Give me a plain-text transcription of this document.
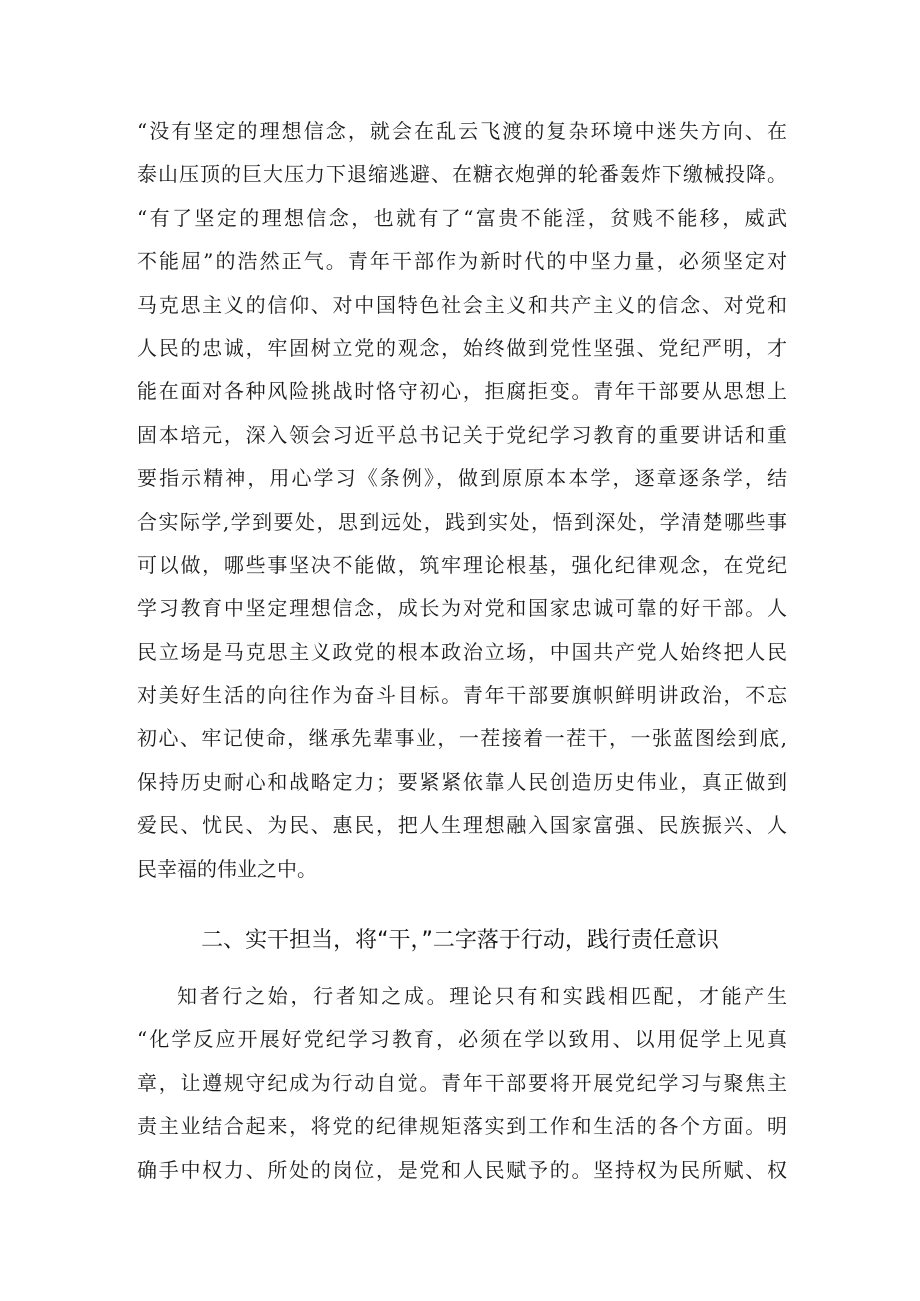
“没有坚定的理想信念，就会在乱云飞渡的复杂环境中迷失方向、在
泰山压顶的巨大压力下退缩逃避、在糖衣炮弹的轮番轰炸下缴械投降。
“有了坚定的理想信念，也就有了“富贵不能淫，贫贱不能移，威武
不能屈”的浩然正气。青年干部作为新时代的中坚力量，必须坚定对
马克思主义的信仰、对中国特色社会主义和共产主义的信念、对党和
人民的忠诚，牢固树立党的观念，始终做到党性坚强、党纪严明，才
能在面对各种风险挑战时恪守初心，拒腐拒变。青年干部要从思想上
固本培元，深入领会习近平总书记关于党纪学习教育的重要讲话和重
要指示精神，用心学习《条例》，做到原原本本学，逐章逐条学，结
合实际学,学到要处，思到远处，践到实处，悟到深处，学清楚哪些事
可以做，哪些事坚决不能做，筑牢理论根基，强化纪律观念，在党纪
学习教育中坚定理想信念，成长为对党和国家忠诚可靠的好干部。人
民立场是马克思主义政党的根本政治立场，中国共产党人始终把人民
对美好生活的向往作为奋斗目标。青年干部要旗帜鲜明讲政治，不忘
初心、牢记使命，继承先辈事业，一茬接着一茬干，一张蓝图绘到底,
保持历史耐心和战略定力；要紧紧依靠人民创造历史伟业，真正做到
爱民、忧民、为民、惠民，把人生理想融入国家富强、民族振兴、人
民幸福的伟业之中。
二、实干担当，将“干，”二字落于行动，践行责任意识
知者行之始，行者知之成。理论只有和实践相匹配，才能产生
“化学反应开展好党纪学习教育，必须在学以致用、以用促学上见真
章，让遵规守纪成为行动自觉。青年干部要将开展党纪学习与聚焦主
责主业结合起来，将党的纪律规矩落实到工作和生活的各个方面。明
确手中权力、所处的岗位，是党和人民赋予的。坚持权为民所赋、权
